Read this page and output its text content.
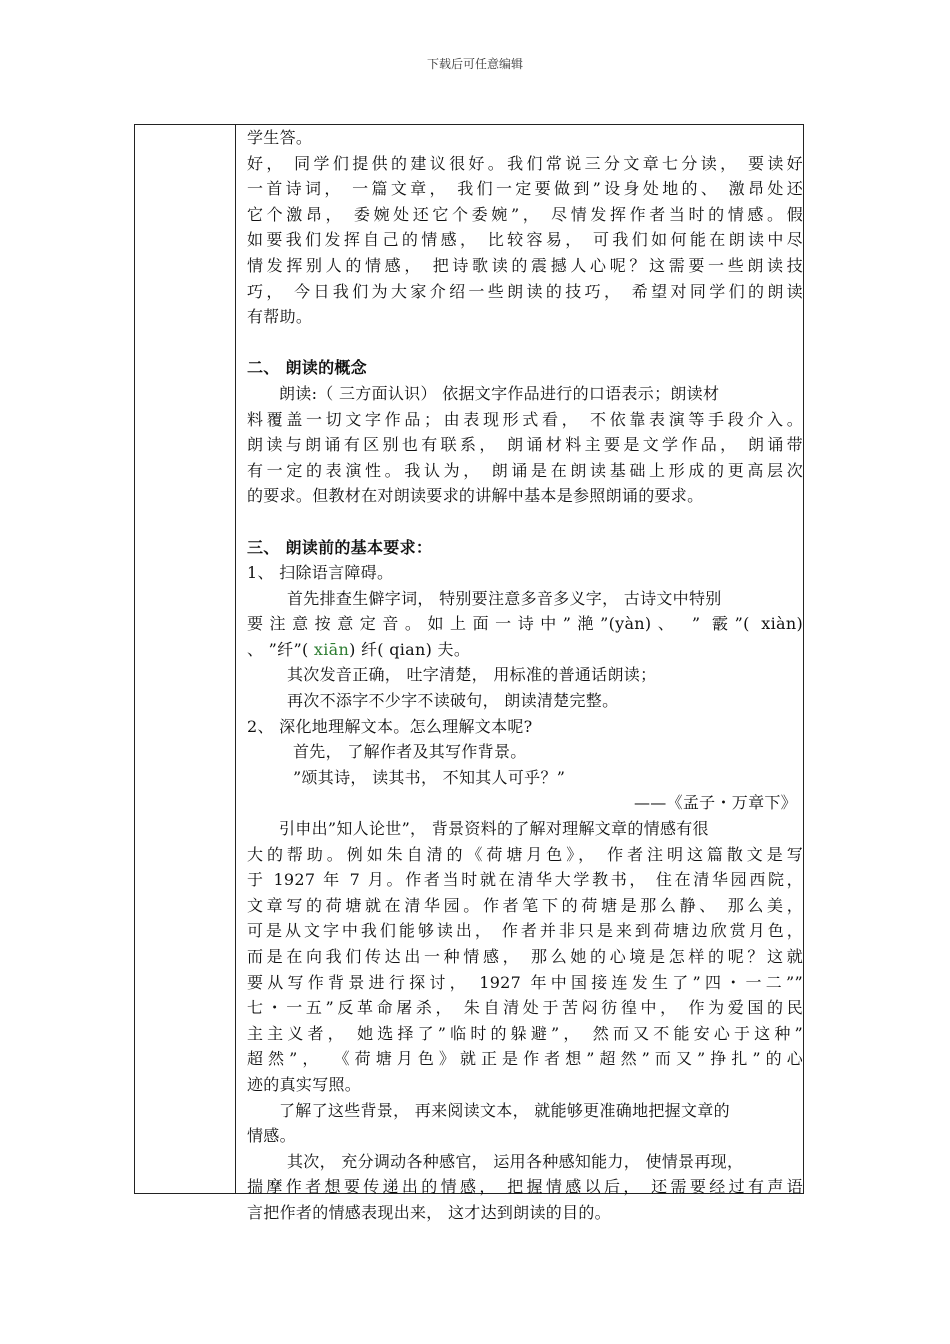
下载后可任意编辑

学生答。

好， 同学们提供的建议很好。我们常说三分文章七分读， 要读好

一首诗词， 一篇文章， 我们一定要做到”设身处地的、 激昂处还

它个激昂， 委婉处还它个委婉”， 尽情发挥作者当时的情感。假

如要我们发挥自己的情感， 比较容易， 可我们如何能在朗读中尽

情发挥别人的情感， 把诗歌读的震撼人心呢？这需要一些朗读技

巧， 今日我们为大家介绍一些朗读的技巧， 希望对同学们的朗读

有帮助。

二、 朗读的概念

朗读:（ 三方面认识） 依据文字作品进行的口语表示；朗读材

料覆盖一切文字作品；由表现形式看， 不依靠表演等手段介入。

朗读与朗诵有区别也有联系， 朗诵材料主要是文学作品， 朗诵带

有一定的表演性。我认为， 朗诵是在朗读基础上形成的更高层次

的要求。但教材在对朗读要求的讲解中基本是参照朗诵的要求。

三、 朗读前的基本要求：

1、 扫除语言障碍。

首先排查生僻字词， 特别要注意多音多义字， 古诗文中特别

要注意按意定音。如上面一诗中”滟”(yàn)、 ” 霰”( xiàn)

、 ”纤”( xiān) 纤( qian) 夫。

其次发音正确， 吐字清楚， 用标准的普通话朗读；

再次不添字不少字不读破句， 朗读清楚完整。

2、 深化地理解文本。怎么理解文本呢?

首先， 了解作者及其写作背景。

”颂其诗， 读其书， 不知其人可乎？”

——《孟子・万章下》

引申出”知人论世”， 背景资料的了解对理解文章的情感有很

大的帮助。例如朱自清的《荷塘月色》， 作者注明这篇散文是写

于 1927 年 7 月。作者当时就在清华大学教书， 住在清华园西院，

文章写的荷塘就在清华园。作者笔下的荷塘是那么静、 那么美，

可是从文字中我们能够读出， 作者并非只是来到荷塘边欣赏月色，

而是在向我们传达出一种情感， 那么她的心境是怎样的呢？这就

要从写作背景进行探讨， 1927 年中国接连发生了”四・一二””

七・一五”反革命屠杀， 朱自清处于苦闷彷徨中， 作为爱国的民

主主义者， 她选择了”临时的躲避”， 然而又不能安心于这种”

超然”， 《荷塘月色》就正是作者想”超然”而又”挣扎”的心

迹的真实写照。

了解了这些背景， 再来阅读文本， 就能够更准确地把握文章的

情感。

其次， 充分调动各种感官， 运用各种感知能力， 使情景再现，

揣摩作者想要传递出的情感， 把握情感以后， 还需要经过有声语

言把作者的情感表现出来， 这才达到朗读的目的。
